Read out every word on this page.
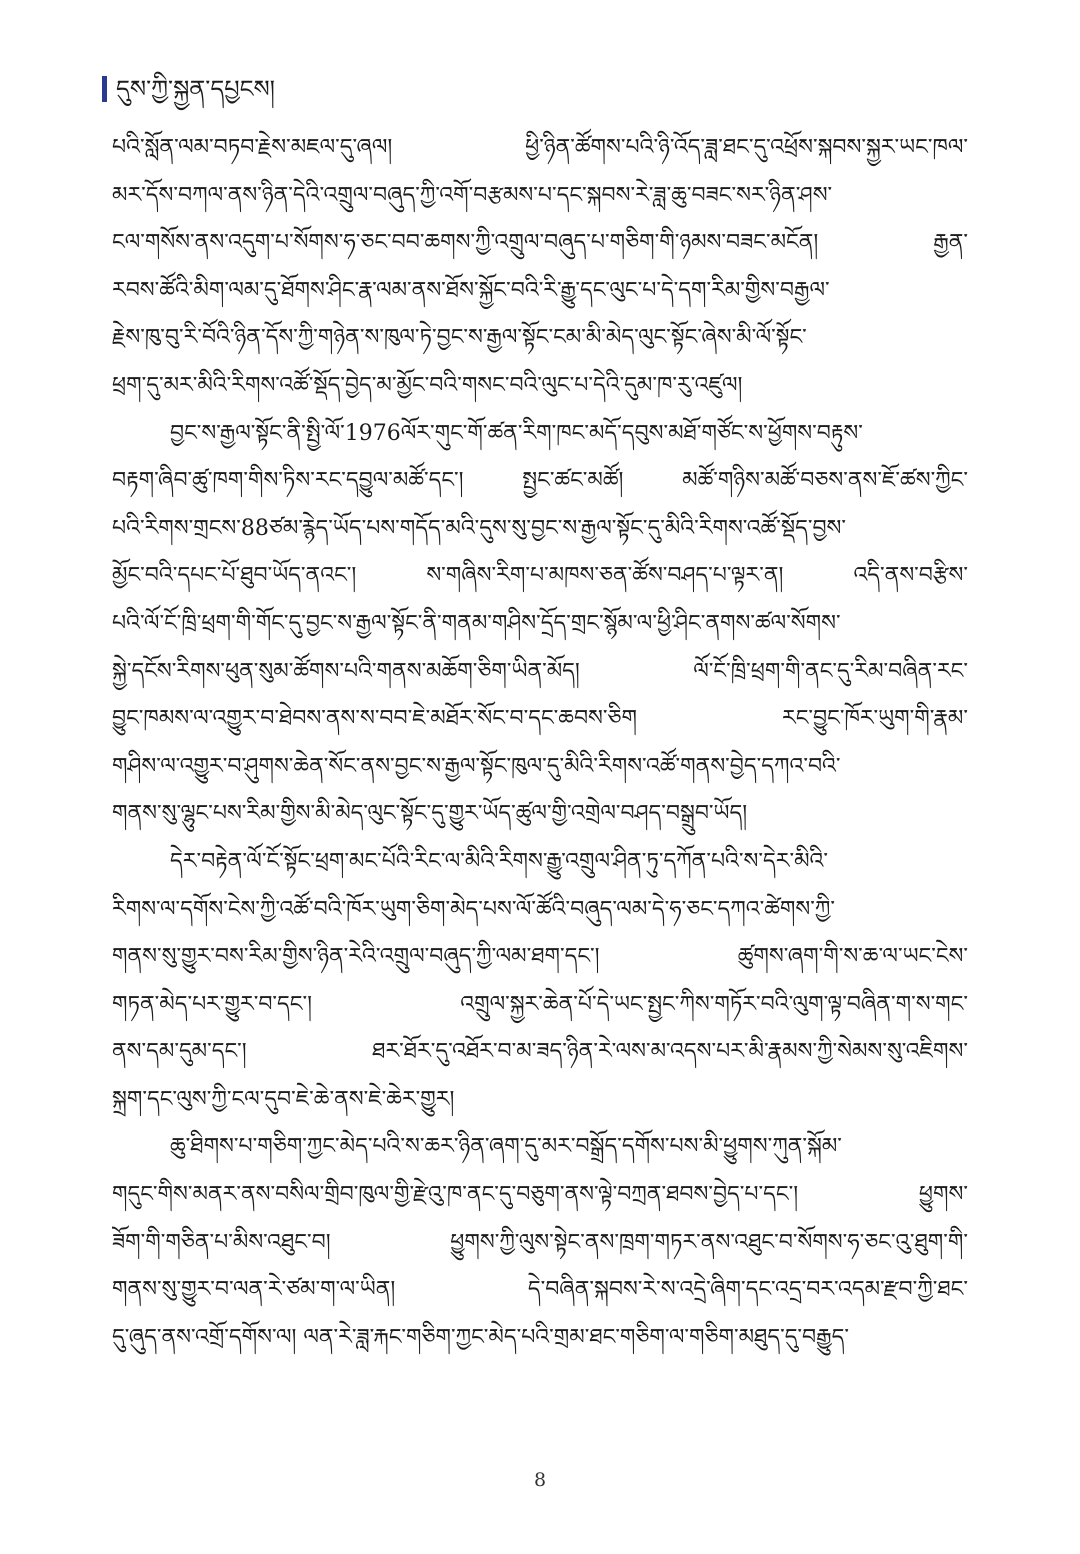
དུས་ཀྱི་སྐྱན་དཔྱངས།
པའི་སློན་ལམ་བཏབ་རྗེས་མཇལ་དུ་ཞལ། ཕྱི་ཉིན་ཚོགས་པའི་ཉི་འོད་ཟླ་ཐང་དུ་འཕྲོས་སྐབས་སྐྱར་ཡང་ཁལ་
མར་དོས་བཀལ་ནས་ཉིན་དེའི་འགྲུལ་བཞུད་ཀྱི་འགོ་བརྩམས་པ་དང་སྐབས་རེ་ཟླ་ཆུ་བཟང་སར་ཉིན་ཤས་
ངལ་གསོས་ནས་འདུག་པ་སོགས་ཧ་ཅང་བབ་ཆགས་ཀྱི་འགྲུལ་བཞུད་པ་གཅིག་གི་ཉམས་བཟང་མངོན། རྒྱན་
རབས་ཚོའི་མིག་ལམ་དུ་ཐོགས་ཤིང་རྣ་ལམ་ནས་ཐོས་སྐྱོང་བའི་རི་རྒྱུ་དང་ལུང་པ་དེ་དག་རིམ་གྱིས་བརྒྱལ་
རྗེས་ཁུ་བུ་རི་བོའི་ཉིན་དོས་ཀྱི་གཉེན་ས་ཁུལ་ཏེ་བྱང་ས་རྒྱལ་སྟོང་ངམ་མི་མེད་ལུང་སྟོང་ཞེས་མི་ལོ་སྟོང་
ཕྲག་དུ་མར་མིའི་རིགས་འཚོ་སྡོད་བྱེད་མ་མྱོང་བའི་གསང་བའི་ལུང་པ་དེའི་དུམ་ཁ་རུ་འཛུལ།
བྱང་ས་རྒྱལ་སྟོང་ནི་སྤྱི་ལོ་1976ལོར་གུང་གོ་ཚན་རིག་ཁང་མདོ་དབུས་མཐོ་གཙོང་ས་ཕྱོགས་བརྟུས་
བརྟག་ཞིབ་ཚུ་ཁག་གིས་ཏིས་རང་དབྱུལ་མཚོ་དང་། སྤྱང་ཚང་མཚོ། མཚོ་གཉིས་མཚོ་བཅས་ནས་ཇོ་ཚས་ཀྱིང་
པའི་རིགས་གྲངས་88ཙམ་རྙེད་ཡོད་པས་གདོད་མའི་དུས་སུ་བྱང་ས་རྒྱལ་སྟོང་དུ་མིའི་རིགས་འཚོ་སྡོད་བྱས་
མྱོང་བའི་དཔང་པོ་ཐུབ་ཡོད་ནའང་། ས་གཞིས་རིག་པ་མཁས་ཅན་ཚོས་བཤད་པ་ལྟར་ན། འདི་ནས་བརྩིས་
པའི་ལོ་ངོ་ཁྲི་ཕྲག་གི་གོང་དུ་བྱང་ས་རྒྱལ་སྟོང་ནི་གནམ་གཤིས་དྲོད་གྲང་སྙོམ་ལ་ཕྱི་ཤིང་ནགས་ཚལ་སོགས་
སྐྱེ་དངོས་རིགས་ཕུན་སུམ་ཚོགས་པའི་གནས་མཆོག་ཅིག་ཡིན་མོད། ལོ་ངོ་ཁྲི་ཕྲག་གི་ནང་དུ་རིམ་བཞིན་རང་
བྱུང་ཁམས་ལ་འགྱུར་བ་ཐེབས་ནས་ས་བབ་ཇེ་མཐོར་སོང་བ་དང་ཆབས་ཅིག རང་བྱུང་ཁོར་ཡུག་གི་རྣམ་
གཤིས་ལ་འགྱུར་བ་ཤུགས་ཆེན་སོང་ནས་བྱང་ས་རྒྱལ་སྟོང་ཁུལ་དུ་མིའི་རིགས་འཚོ་གནས་བྱེད་དཀའ་བའི་
གནས་སུ་ལྷུང་པས་རིམ་གྱིས་མི་མེད་ལུང་སྟོང་དུ་གྱུར་ཡོད་ཚུལ་གྱི་འགྲེལ་བཤད་བསྒྲུབ་ཡོད།
དེར་བརྟེན་ལོ་ངོ་སྟོང་ཕྲག་མང་པོའི་རིང་ལ་མིའི་རིགས་རྒྱུ་འགྲུལ་ཤིན་ཏུ་དཀོན་པའི་ས་དེར་མིའི་
རིགས་ལ་དགོས་ངེས་ཀྱི་འཚོ་བའི་ཁོར་ཡུག་ཅིག་མེད་པས་ལོ་ཚོའི་བཞུད་ལམ་དེ་ཧ་ཅང་དཀའ་ཚེགས་ཀྱི་
གནས་སུ་གྱུར་བས་རིམ་གྱིས་ཉིན་རེའི་འགྲུལ་བཞུད་ཀྱི་ལམ་ཐག་དང་། ཚུགས་ཞག་གི་ས་ཆ་ལ་ཡང་ངེས་
གཏན་མེད་པར་གྱུར་བ་དང་། འགྲུལ་སྐྱར་ཆེན་པོ་དེ་ཡང་སྤྱང་ཀིས་གཏོར་བའི་ལུག་ལྟ་བཞིན་ག་ས་གང་
ནས་དམ་དུམ་དང་། ཐར་ཐོར་དུ་འཐོར་བ་མ་ཟད་ཉིན་རེ་ལས་མ་འདས་པར་མི་རྣམས་ཀྱི་སེམས་སུ་འཇིགས་
སྐྲག་དང་ལུས་ཀྱི་ངལ་དུབ་ཇེ་ཆེ་ནས་ཇེ་ཆེར་གྱུར།
ཆུ་ཐིགས་པ་གཅིག་ཀྱང་མེད་པའི་ས་ཆར་ཉིན་ཞག་དུ་མར་བསྒྲོད་དགོས་པས་མི་ཕྱུགས་ཀུན་སྐོམ་
གདུང་གིས་མནར་ནས་བསིལ་གྲིབ་ཁུལ་གྱི་རྫེའུ་ཁ་ནང་དུ་བཅུག་ནས་ལྟེ་བཀྲན་ཐབས་བྱེད་པ་དང་། ཕྱུགས་
ཟོག་གི་གཅིན་པ་མིས་འཐུང་བ། ཕྱུགས་ཀྱི་ལུས་སྟེང་ནས་ཁྲག་གཏར་ནས་འཐུང་བ་སོགས་ཧ་ཅང་འུ་ཐུག་གི་
གནས་སུ་གྱུར་བ་ལན་རེ་ཙམ་ག་ལ་ཡིན། དེ་བཞིན་སྐབས་རེ་ས་འདྲེ་ཞིག་དང་འདྲ་བར་འདམ་རྫབ་ཀྱི་ཐང་
དུ་ཞུད་ནས་འགྲོ་དགོས་ལ། ལན་རེ་ཟླ་རྐང་གཅིག་ཀྱང་མེད་པའི་གྲམ་ཐང་གཅིག་ལ་གཅིག་མཐུད་དུ་བརྒྱུད་
8
